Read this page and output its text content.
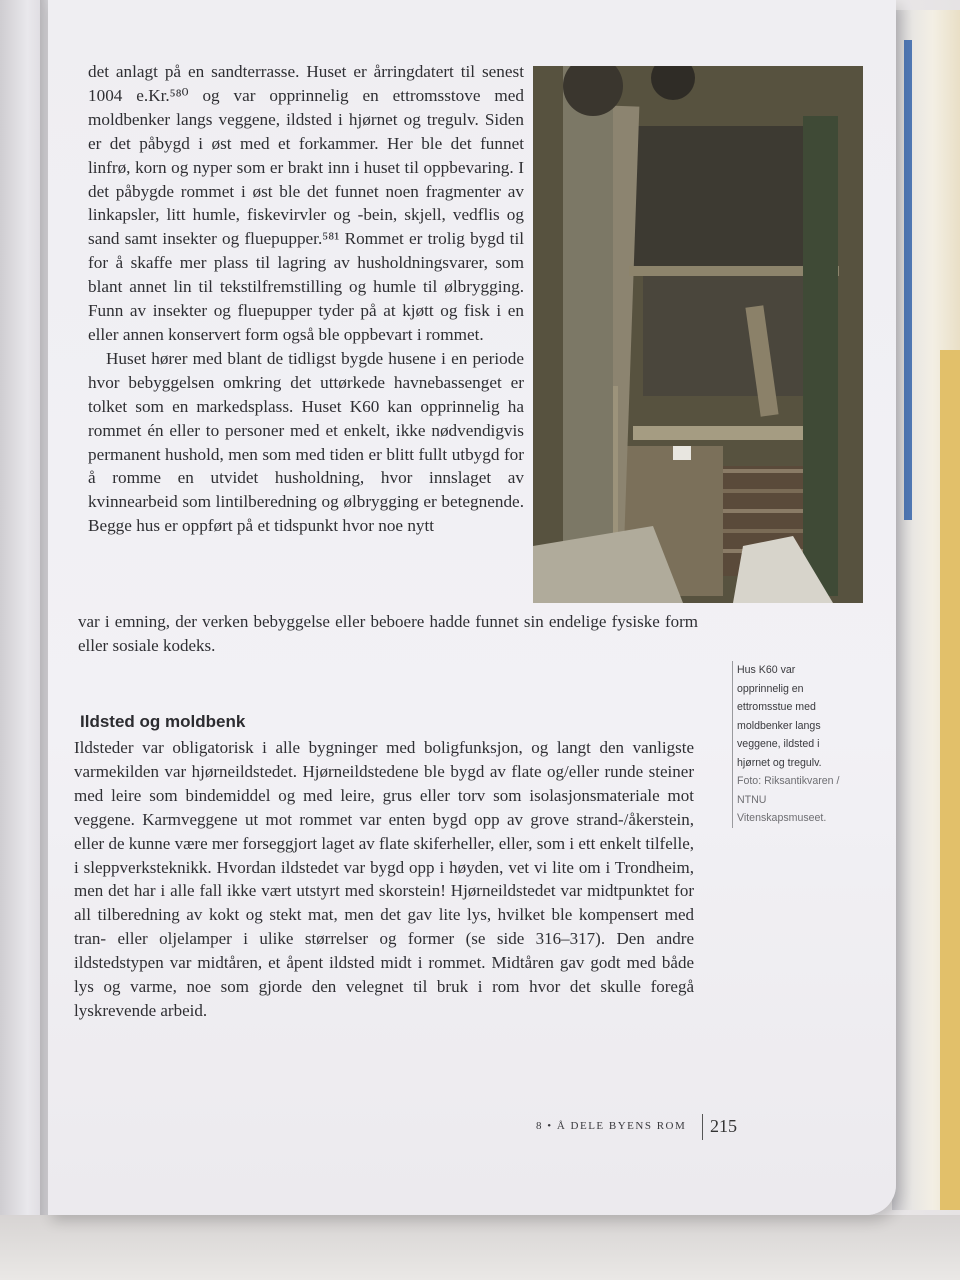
det anlagt på en sandterrasse. Huset er årringdatert til senest 1004 e.Kr.⁵⁸⁰ og var opprinnelig en ettromsstove med moldbenker langs veggene, ildsted i hjørnet og tregulv. Siden er det påbygd i øst med et forkammer. Her ble det funnet linfrø, korn og nyper som er brakt inn i huset til oppbevaring. I det påbygde rommet i øst ble det funnet noen fragmenter av linkapsler, litt humle, fiskevirvler og -bein, skjell, vedflis og sand samt insekter og fluepupper.⁵⁸¹ Rommet er trolig bygd til for å skaffe mer plass til lagring av husholdningsvarer, som blant annet lin til tekstilfremstilling og humle til ølbrygging. Funn av insekter og fluepupper tyder på at kjøtt og fisk i en eller annen konservert form også ble oppbevart i rommet.

Huset hører med blant de tidligst bygde husene i en periode hvor bebyggelsen omkring det uttørkede havnebassenget er tolket som en markedsplass. Huset K60 kan opprinnelig ha rommet én eller to personer med et enkelt, ikke nødvendigvis permanent hushold, men som med tiden er blitt fullt utbygd for å romme en utvidet husholdning, hvor innslaget av kvinnearbeid som lintilberedning og ølbrygging er betegnende. Begge hus er oppført på et tidspunkt hvor noe nytt

var i emning, der verken bebyggelse eller beboere hadde funnet sin endelige fysiske form eller sosiale kodeks.
Hus K60 var opprinnelig en ettromsstue med moldbenker langs veggene, ildsted i hjørnet og tregulv. Foto: Riksantikvaren / NTNU Vitenskapsmuseet.
Ildsted og moldbenk
Ildsteder var obligatorisk i alle bygninger med boligfunksjon, og langt den vanligste varmekilden var hjørneildstedet. Hjørneildstedene ble bygd av flate og/eller runde steiner med leire som bindemiddel og med leire, grus eller torv som isolasjonsmateriale mot veggene. Karmveggene ut mot rommet var enten bygd opp av grove strand-/åkerstein, eller de kunne være mer forseggjort laget av flate skiferheller, eller, som i ett enkelt tilfelle, i sleppverksteknikk. Hvordan ildstedet var bygd opp i høyden, vet vi lite om i Trondheim, men det har i alle fall ikke vært utstyrt med skorstein! Hjørneildstedet var midtpunktet for all tilberedning av kokt og stekt mat, men det gav lite lys, hvilket ble kompensert med tran- eller oljelamper i ulike størrelser og former (se side 316–317). Den andre ildstedstypen var midtåren, et åpent ildsted midt i rommet. Midtåren gav godt med både lys og varme, noe som gjorde den velegnet til bruk i rom hvor det skulle foregå lyskrevende arbeid.
8 • Å DELE BYENS ROM 215
